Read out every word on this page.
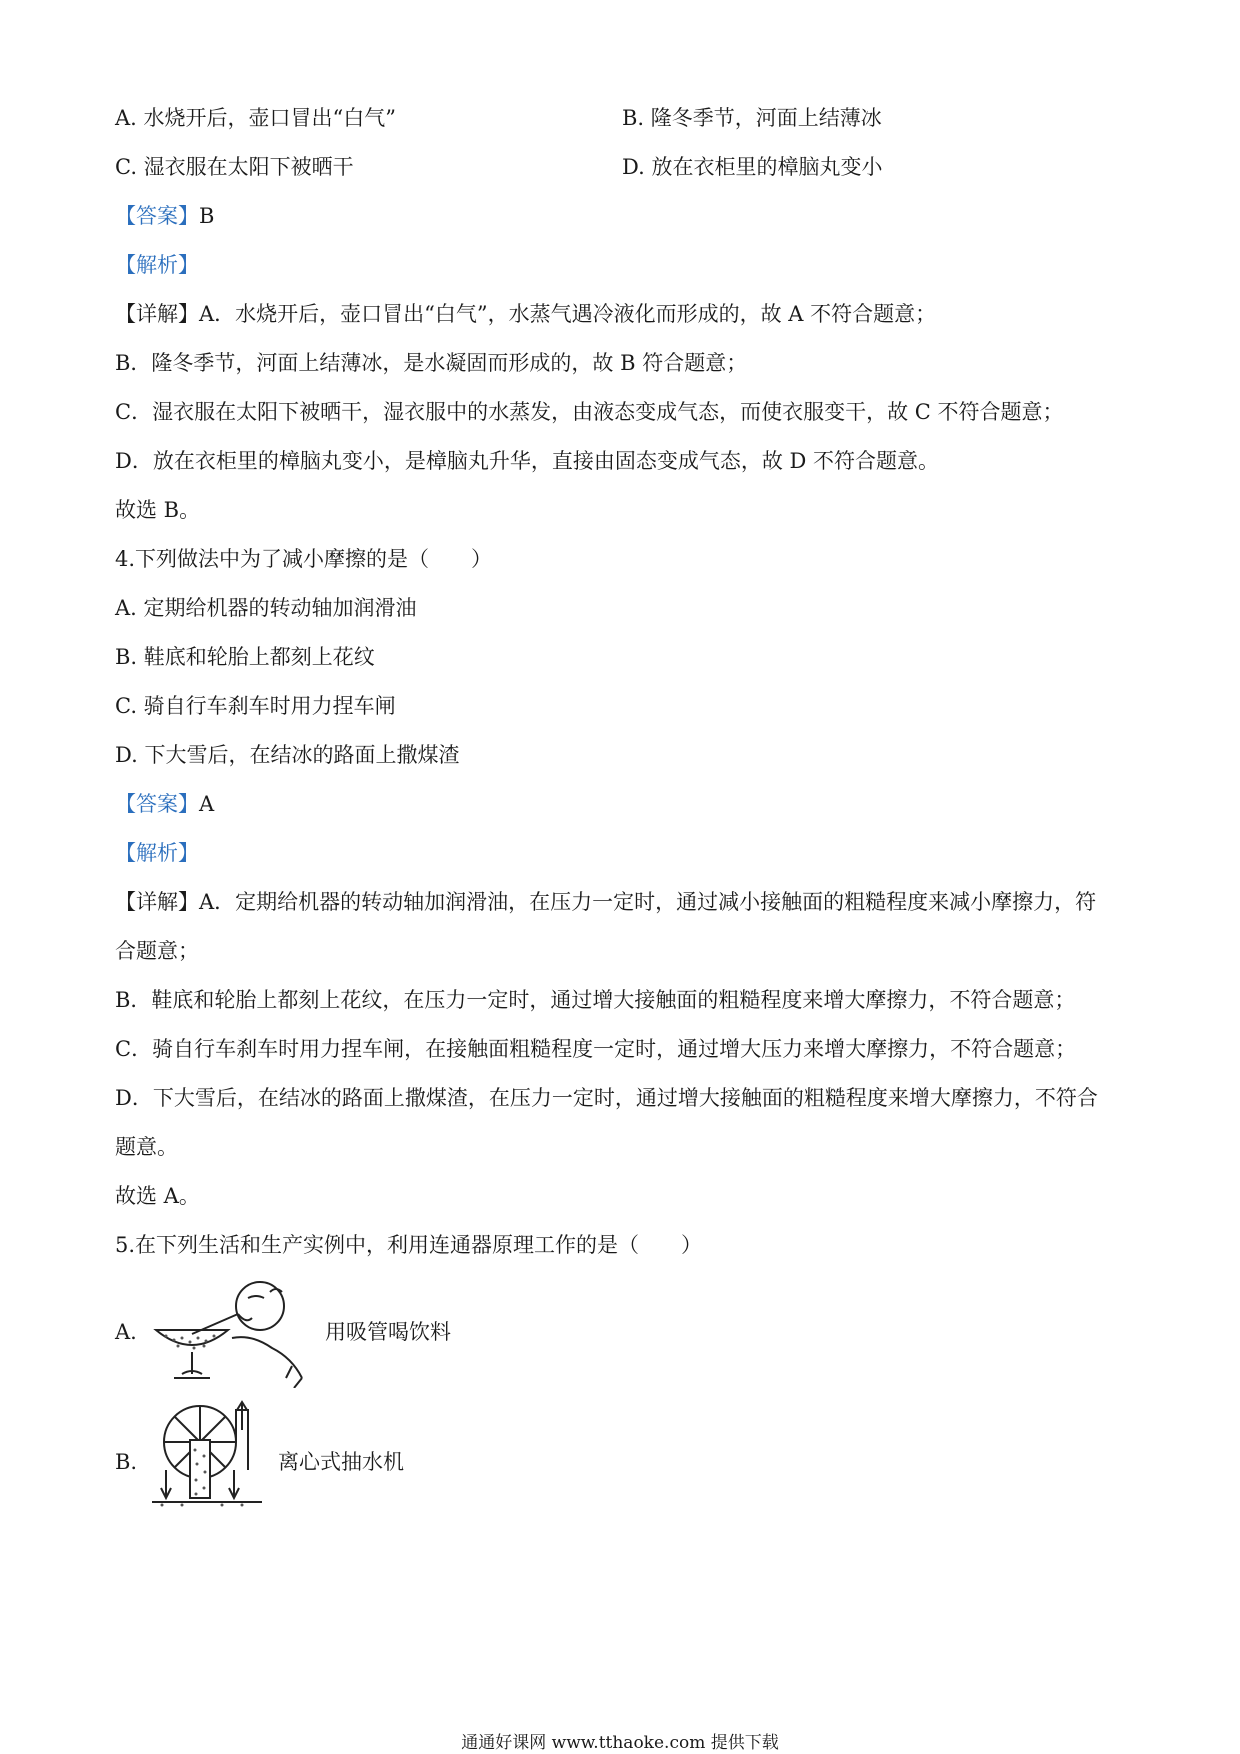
A. 水烧开后，壶口冒出“白气”	B. 隆冬季节，河面上结薄冰
C. 湿衣服在太阳下被晒干	D. 放在衣柜里的樟脑丸变小
【答案】B
【解析】
【详解】A．水烧开后，壶口冒出“白气”，水蒸气遇冷液化而形成的，故 A 不符合题意；
B．隆冬季节，河面上结薄冰，是水凝固而形成的，故 B 符合题意；
C．湿衣服在太阳下被晒干，湿衣服中的水蒸发，由液态变成气态，而使衣服变干，故 C 不符合题意；
D．放在衣柜里的樟脑丸变小，是樟脑丸升华，直接由固态变成气态，故 D 不符合题意。
故选 B。
4.下列做法中为了减小摩擦的是（　　）
A. 定期给机器的转动轴加润滑油
B. 鞋底和轮胎上都刻上花纹
C. 骑自行车刹车时用力捏车闸
D. 下大雪后，在结冰的路面上撒煤渣
【答案】A
【解析】
【详解】A．定期给机器的转动轴加润滑油，在压力一定时，通过减小接触面的粗糙程度来减小摩擦力，符
合题意；
B．鞋底和轮胎上都刻上花纹，在压力一定时，通过增大接触面的粗糙程度来增大摩擦力，不符合题意；
C．骑自行车刹车时用力捏车闸，在接触面粗糙程度一定时，通过增大压力来增大摩擦力，不符合题意；
D．下大雪后，在结冰的路面上撒煤渣，在压力一定时，通过增大接触面的粗糙程度来增大摩擦力，不符合
题意。
故选 A。
5.在下列生活和生产实例中，利用连通器原理工作的是（　　）
A.	用吸管喝饮料
B.	离心式抽水机
通通好课网 www.tthaoke.com 提供下载
